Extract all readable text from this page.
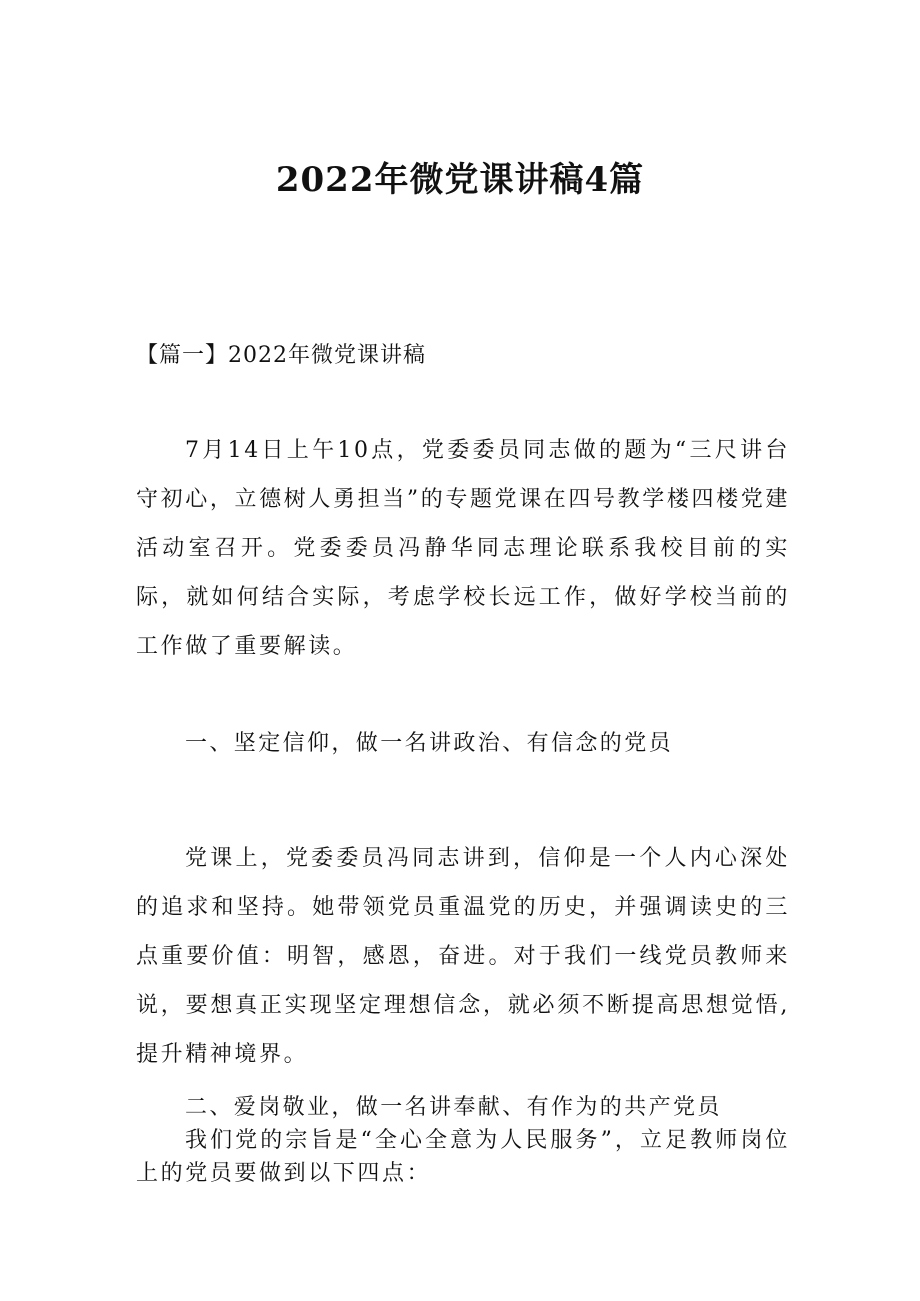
2022年微党课讲稿4篇
【篇一】2022年微党课讲稿

7月14日上午10点，党委委员同志做的题为“三尺讲台守初心，立德树人勇担当”的专题党课在四号教学楼四楼党建活动室召开。党委委员冯静华同志理论联系我校目前的实际，就如何结合实际，考虑学校长远工作，做好学校当前的工作做了重要解读。

一、坚定信仰，做一名讲政治、有信念的党员

党课上，党委委员冯同志讲到，信仰是一个人内心深处的追求和坚持。她带领党员重温党的历史，并强调读史的三点重要价值：明智，感恩，奋进。对于我们一线党员教师来说，要想真正实现坚定理想信念，就必须不断提高思想觉悟,提升精神境界。

二、爱岗敬业，做一名讲奉献、有作为的共产党员

我们党的宗旨是“全心全意为人民服务”，立足教师岗位上的党员要做到以下四点：
